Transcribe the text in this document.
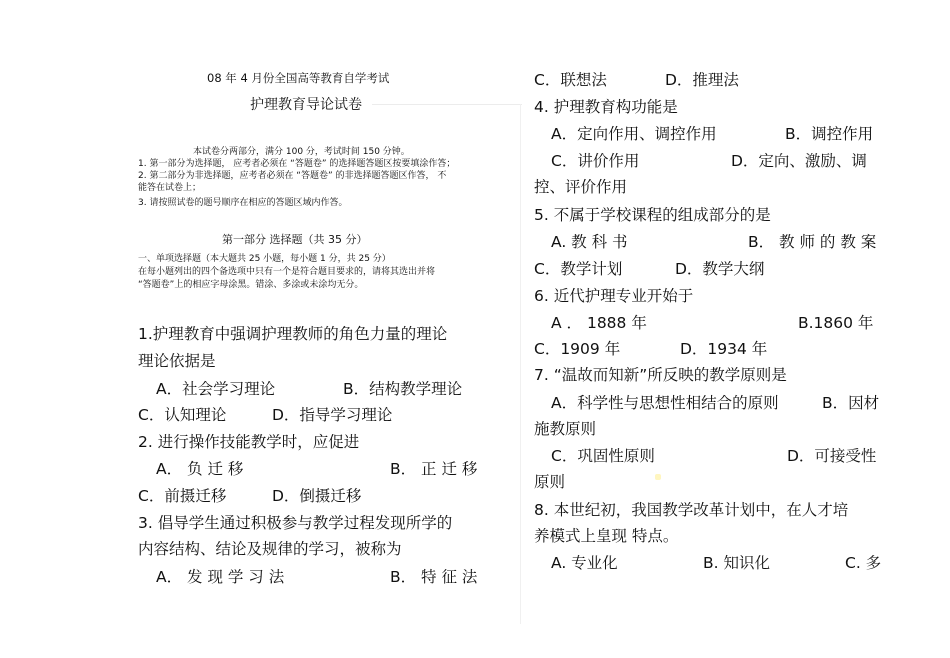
08 年 4 月份全国高等教育自学考试
护理教育导论试卷
本试卷分两部分，满分 100 分，考试时间 150 分钟。
1. 第一部分为选择题， 应考者必须在 “答题卷” 的选择题答题区按要填涂作答；
2. 第二部分为非选择题，应考者必须在 “答题卷” 的非选择题答题区作答， 不
能答在试卷上；
3. 请按照试卷的题号顺序在相应的答题区域内作答。
第一部分 选择题（共 35 分）
一、单项选择题（本大题共 25 小题，每小题 1 分，共 25 分）
在每小题列出的四个备选项中只有一个是符合题目要求的，请将其选出并将
“答题卷”上的相应字母涂黑。错涂、多涂或未涂均无分。
1.护理教育中强调护理教师的角色力量的理论
理论依据是
A．社会学习理论	B．结构教学理论
C．认知理论	D．指导学习理论
2. 进行操作技能教学时，应促进
A． 负 迁 移	B． 正 迁 移
C．前摄迁移	D．倒摄迁移
3. 倡导学生通过积极参与教学过程发现所学的
内容结构、结论及规律的学习，被称为
A． 发 现 学 习 法	B． 特 征 法
C．联想法	D．推理法
4. 护理教育构功能是
A．定向作用、调控作用	B．调控作用
C．讲价作用	D．定向、激励、调
控、评价作用
5. 不属于学校课程的组成部分的是
A. 教 科 书	B． 教 师 的 教 案
C．教学计划	D．教学大纲
6. 近代护理专业开始于
A ． 1888 年	B.1860 年
C．1909 年	D．1934 年
7. “温故而知新”所反映的教学原则是
A．科学性与思想性相结合的原则	B．因材
施教原则
C．巩固性原则	D．可接受性
原则
8. 本世纪初，我国教学改革计划中，在人才培
养模式上皇现 特点。
A. 专业化	B. 知识化	C. 多
